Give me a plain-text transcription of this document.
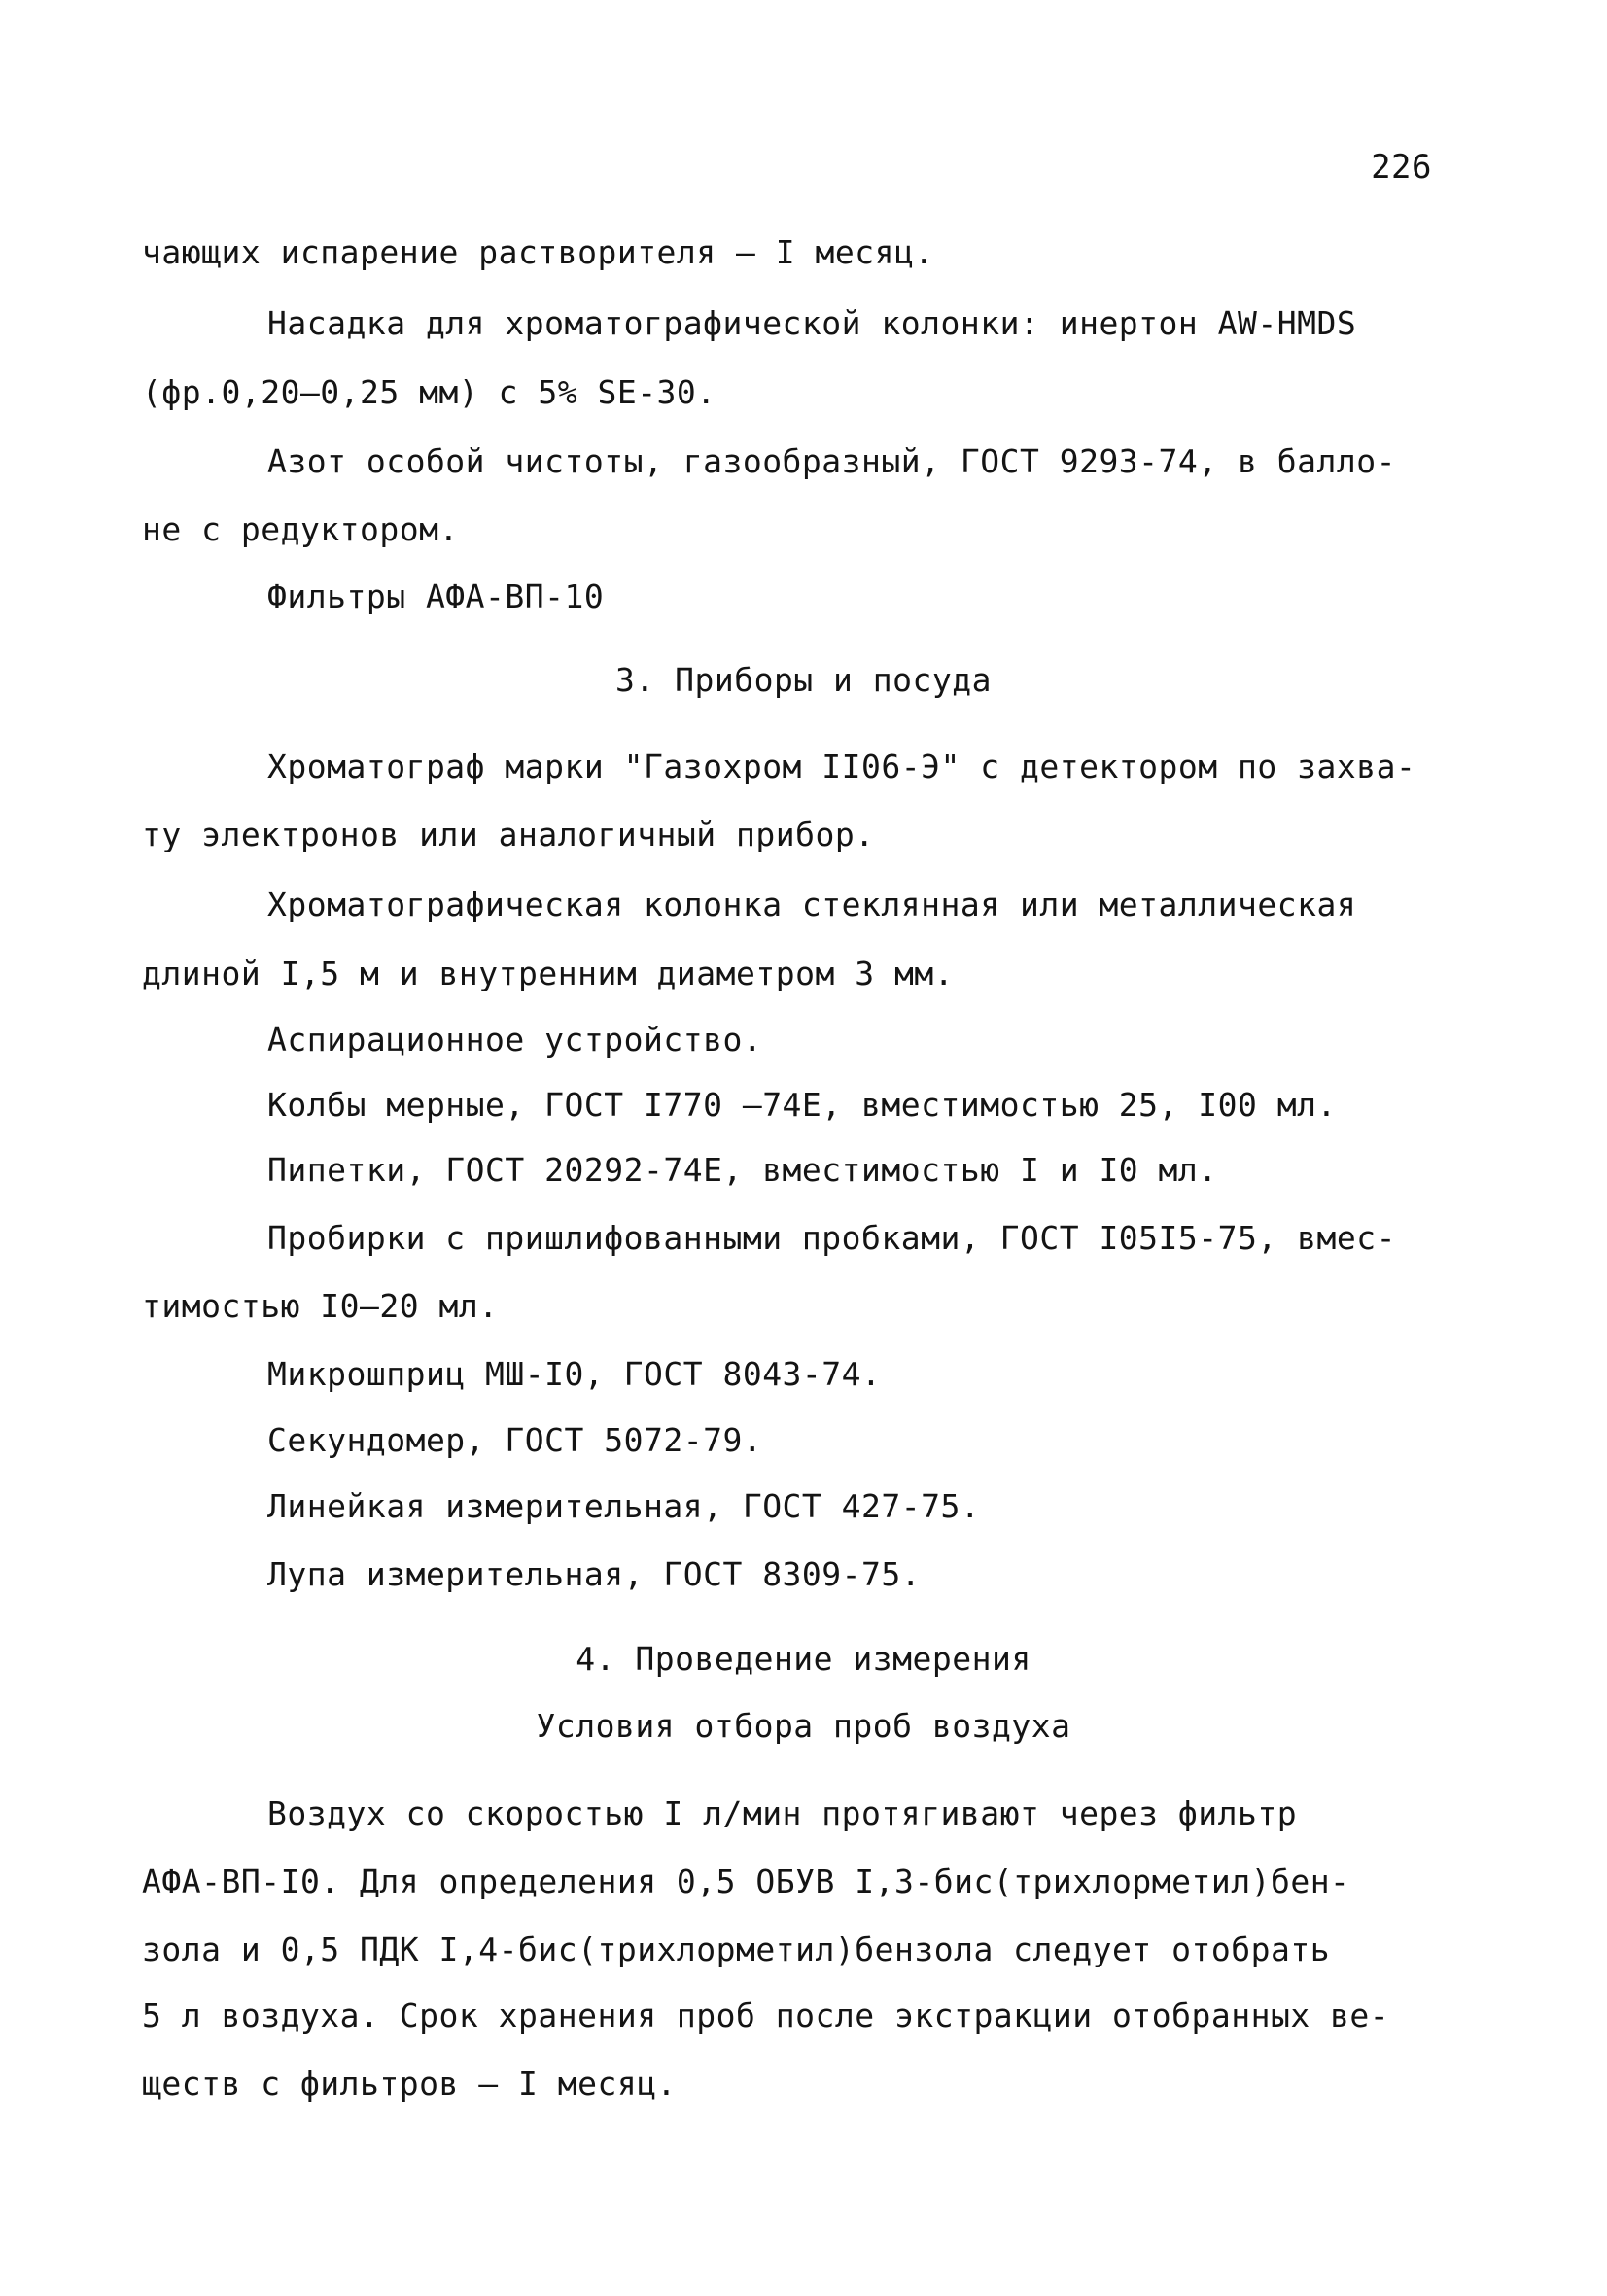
226
чающих испарение растворителя – I месяц.
Насадка для хроматографической колонки: инертон AW-HMDS
(фр.0,20–0,25 мм) с 5% SE-30.
Азот особой чистоты, газообразный, ГОСТ 9293-74, в балло-
не с редуктором.
Фильтры АФА-ВП-10
3. Приборы и посуда
Хроматограф марки "Газохром II06-Э" с детектором по захва-
ту электронов или аналогичный прибор.
Хроматографическая колонка стеклянная или металлическая
длиной I,5 м и внутренним диаметром 3 мм.
Аспирационное устройство.
Колбы мерные, ГОСТ I770 –74Е, вместимостью 25, I00 мл.
Пипетки, ГОСТ 20292-74Е, вместимостью I и I0 мл.
Пробирки с пришлифованными пробками, ГОСТ I05I5-75, вмес-
тимостью I0–20 мл.
Микрошприц МШ-I0, ГОСТ 8043-74.
Секундомер, ГОСТ 5072-79.
Линейкая измерительная, ГОСТ 427-75.
Лупа измерительная, ГОСТ 8309-75.
4. Проведение измерения
Условия отбора проб воздуха
Воздух со скоростью I л/мин протягивают через фильтр
АФА-ВП-I0. Для определения 0,5 ОБУВ I,3-бис(трихлорметил)бен-
зола и 0,5 ПДК I,4-бис(трихлорметил)бензола следует отобрать
5 л воздуха. Срок хранения проб после экстракции отобранных ве-
ществ с фильтров – I месяц.
